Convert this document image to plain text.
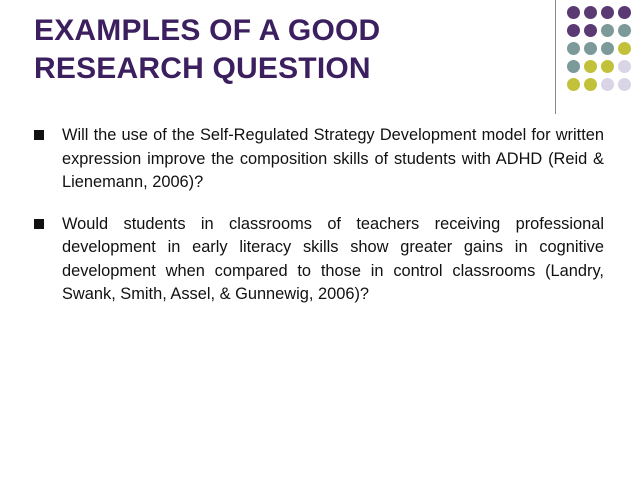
EXAMPLES OF A GOOD
RESEARCH QUESTION
Will the use of the Self-Regulated Strategy Development model for written expression improve the composition skills of students with ADHD (Reid & Lienemann, 2006)?
Would students in classrooms of teachers receiving professional development in early literacy skills show greater gains in cognitive development when compared to those in control classrooms (Landry, Swank, Smith, Assel, & Gunnewig, 2006)?
